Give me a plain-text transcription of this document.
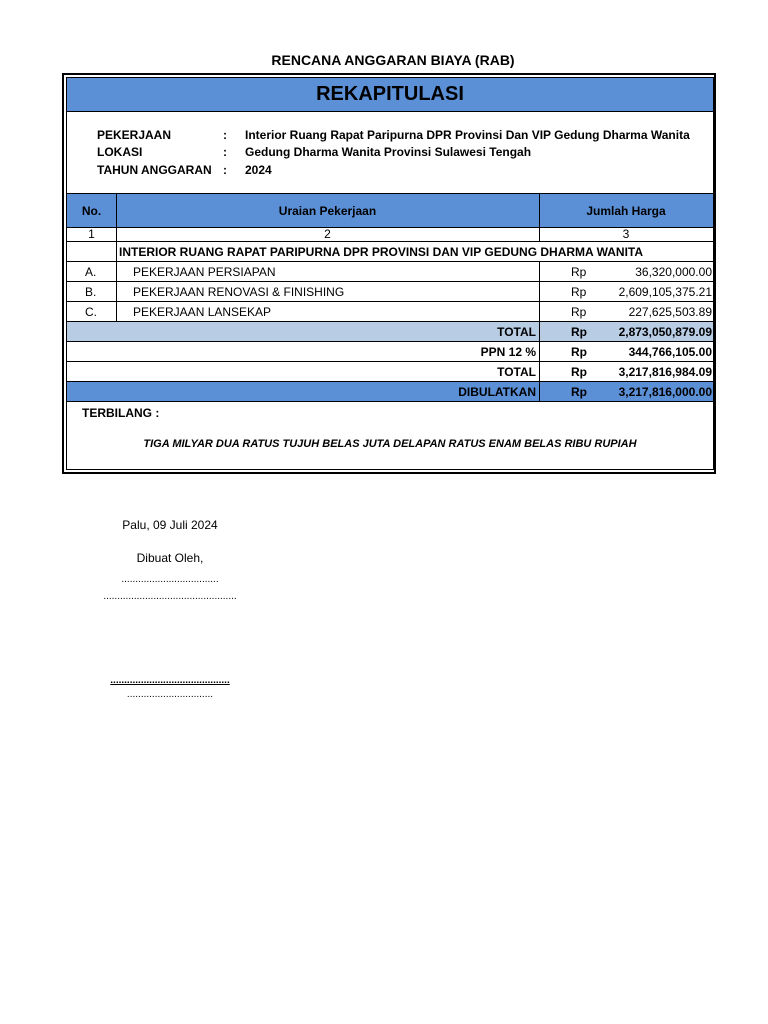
RENCANA ANGGARAN BIAYA (RAB)
REKAPITULASI
PEKERJAAN	: Interior Ruang Rapat Paripurna DPR Provinsi Dan VIP Gedung Dharma Wanita
LOKASI	: Gedung Dharma Wanita Provinsi Sulawesi Tengah
TAHUN ANGGARAN : 2024
No.	Uraian Pekerjaan	Jumlah Harga
1	2	3
INTERIOR RUANG RAPAT PARIPURNA DPR PROVINSI DAN VIP GEDUNG DHARMA WANITA
A.	PEKERJAAN PERSIAPAN	Rp	36,320,000.00
B.	PEKERJAAN RENOVASI & FINISHING	Rp	2,609,105,375.21
C.	PEKERJAAN LANSEKAP	Rp	227,625,503.89
TOTAL	Rp	2,873,050,879.09
PPN 12 %	Rp	344,766,105.00
TOTAL	Rp	3,217,816,984.09
DIBULATKAN	Rp	3,217,816,000.00
TERBILANG :
TIGA MILYAR DUA RATUS TUJUH BELAS JUTA DELAPAN RATUS ENAM BELAS RIBU RUPIAH
Palu, 09 Juli 2024
Dibuat Oleh,
...................................
................................................
...........................................
...............................
